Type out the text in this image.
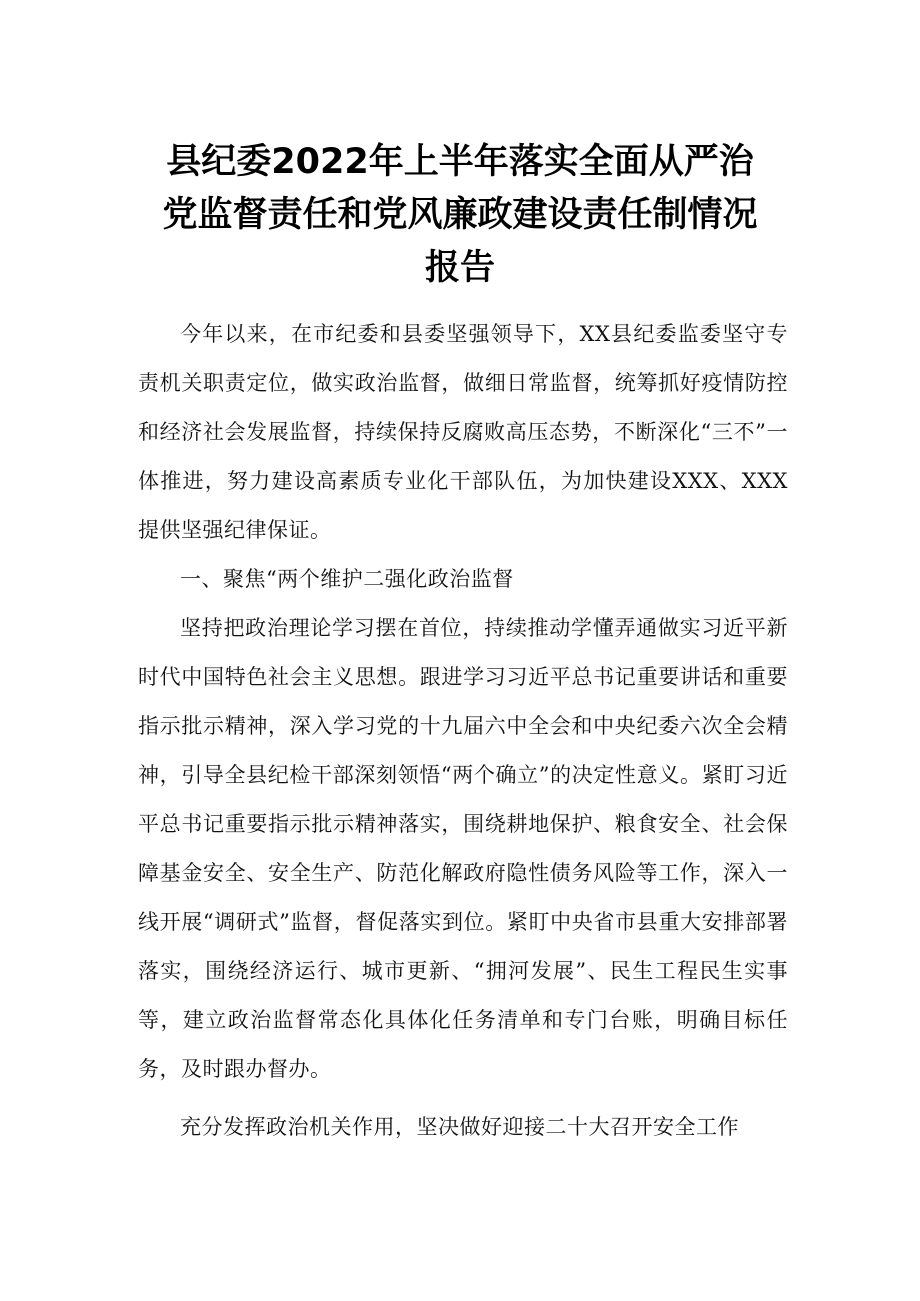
县纪委2022年上半年落实全面从严治
党监督责任和党风廉政建设责任制情况
报告

今年以来，在市纪委和县委坚强领导下，XX县纪委监委坚守专责机关职责定位，做实政治监督，做细日常监督，统筹抓好疫情防控和经济社会发展监督，持续保持反腐败高压态势，不断深化“三不”一体推进，努力建设高素质专业化干部队伍，为加快建设XXX、XXX提供坚强纪律保证。

一、聚焦“两个维护二强化政治监督

坚持把政治理论学习摆在首位，持续推动学懂弄通做实习近平新时代中国特色社会主义思想。跟进学习习近平总书记重要讲话和重要指示批示精神，深入学习党的十九届六中全会和中央纪委六次全会精神，引导全县纪检干部深刻领悟“两个确立”的决定性意义。紧盯习近平总书记重要指示批示精神落实，围绕耕地保护、粮食安全、社会保障基金安全、安全生产、防范化解政府隐性债务风险等工作，深入一线开展“调研式”监督，督促落实到位。紧盯中央省市县重大安排部署落实，围绕经济运行、城市更新、“拥河发展”、民生工程民生实事等，建立政治监督常态化具体化任务清单和专门台账，明确目标任务，及时跟办督办。

充分发挥政治机关作用，坚决做好迎接二十大召开安全工作
